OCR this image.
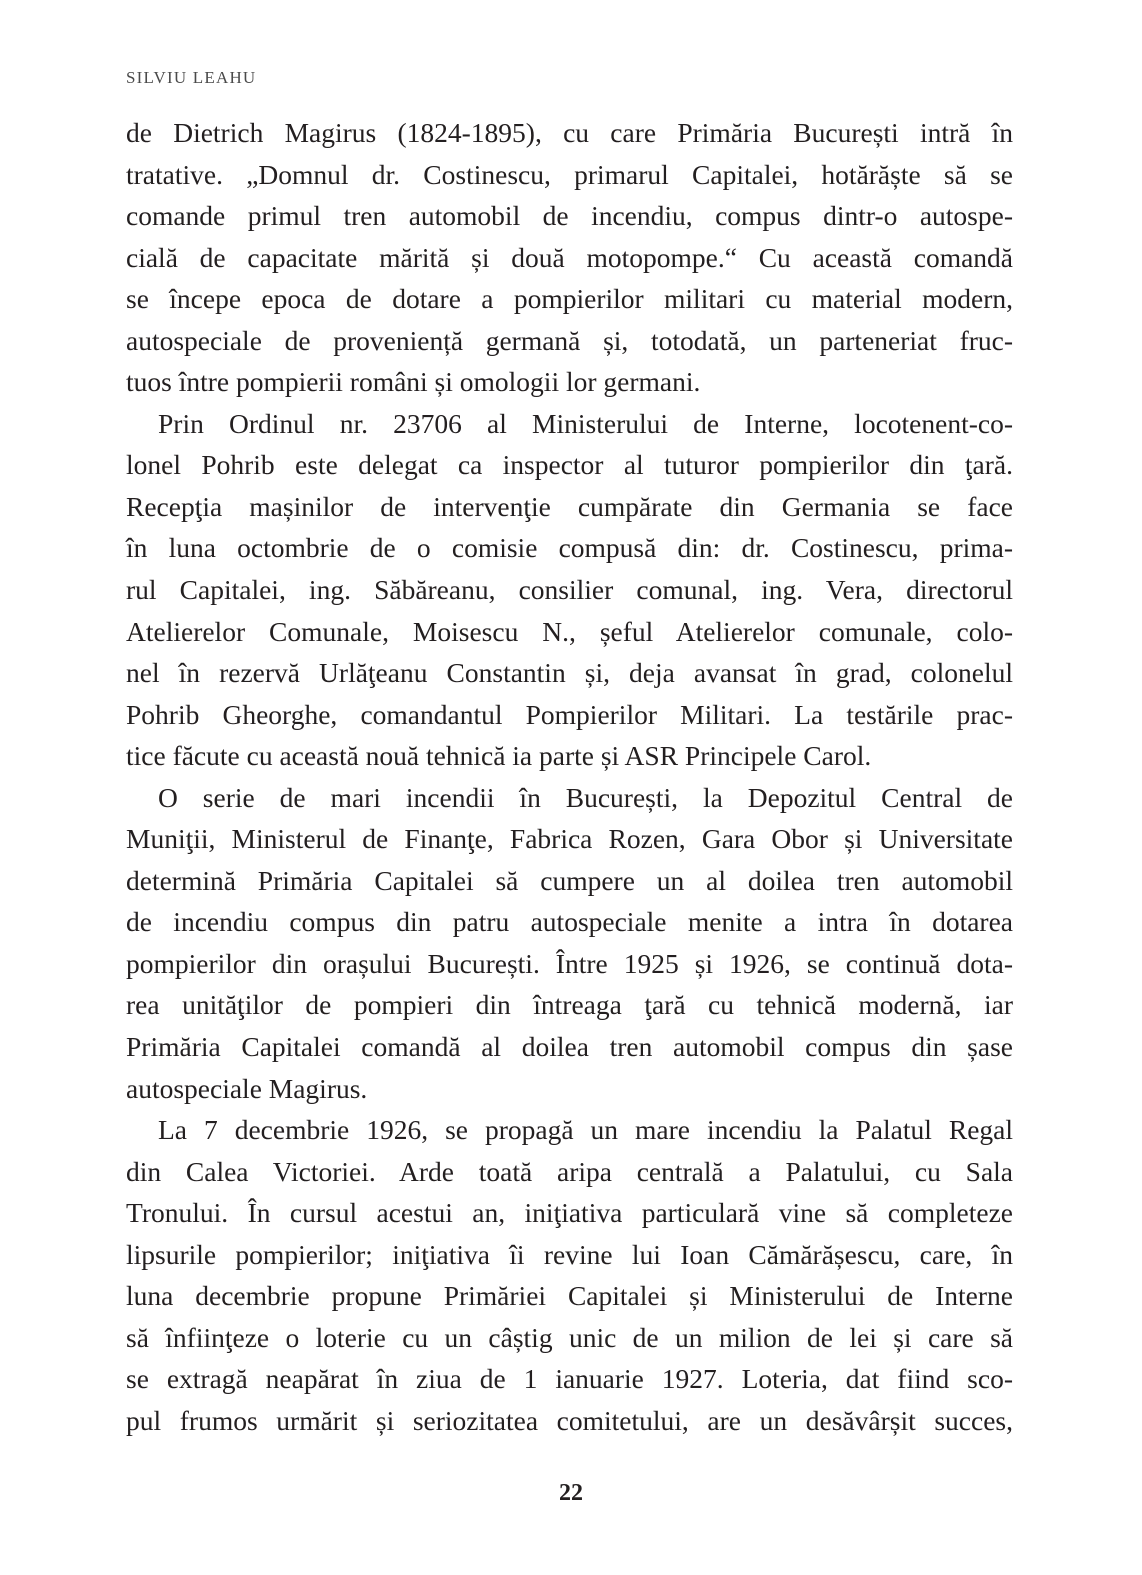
SILVIU LEAHU
de Dietrich Magirus (1824-1895), cu care Primăria București intră în
tratative. „Domnul dr. Costinescu, primarul Capitalei, hotărăște să se
comande primul tren automobil de incendiu, compus dintr-o autospe-
cială de capacitate mărită și două motopompe.“ Cu această comandă
se începe epoca de dotare a pompierilor militari cu material modern,
autospeciale de proveniență germană și, totodată, un parteneriat fruc-
tuos între pompierii români și omologii lor germani.
Prin Ordinul nr. 23706 al Ministerului de Interne, locotenent-co-
lonel Pohrib este delegat ca inspector al tuturor pompierilor din ţară.
Recepţia mașinilor de intervenţie cumpărate din Germania se face
în luna octombrie de o comisie compusă din: dr. Costinescu, prima-
rul Capitalei, ing. Săbăreanu, consilier comunal, ing. Vera, directorul
Atelierelor Comunale, Moisescu N., șeful Atelierelor comunale, colo-
nel în rezervă Urlăţeanu Constantin și, deja avansat în grad, colonelul
Pohrib Gheorghe, comandantul Pompierilor Militari. La testările prac-
tice făcute cu această nouă tehnică ia parte și ASR Principele Carol.
O serie de mari incendii în București, la Depozitul Central de
Muniţii, Ministerul de Finanţe, Fabrica Rozen, Gara Obor și Universitate
determină Primăria Capitalei să cumpere un al doilea tren automobil
de incendiu compus din patru autospeciale menite a intra în dotarea
pompierilor din orașului București. Între 1925 și 1926, se continuă dota-
rea unităţilor de pompieri din întreaga ţară cu tehnică modernă, iar
Primăria Capitalei comandă al doilea tren automobil compus din șase
autospeciale Magirus.
La 7 decembrie 1926, se propagă un mare incendiu la Palatul Regal
din Calea Victoriei. Arde toată aripa centrală a Palatului, cu Sala
Tronului. În cursul acestui an, iniţiativa particulară vine să completeze
lipsurile pompierilor; iniţiativa îi revine lui Ioan Cămărășescu, care, în
luna decembrie propune Primăriei Capitalei și Ministerului de Interne
să înfiinţeze o loterie cu un câștig unic de un milion de lei și care să
se extragă neapărat în ziua de 1 ianuarie 1927. Loteria, dat fiind sco-
pul frumos urmărit și seriozitatea comitetului, are un desăvârșit succes,
22
